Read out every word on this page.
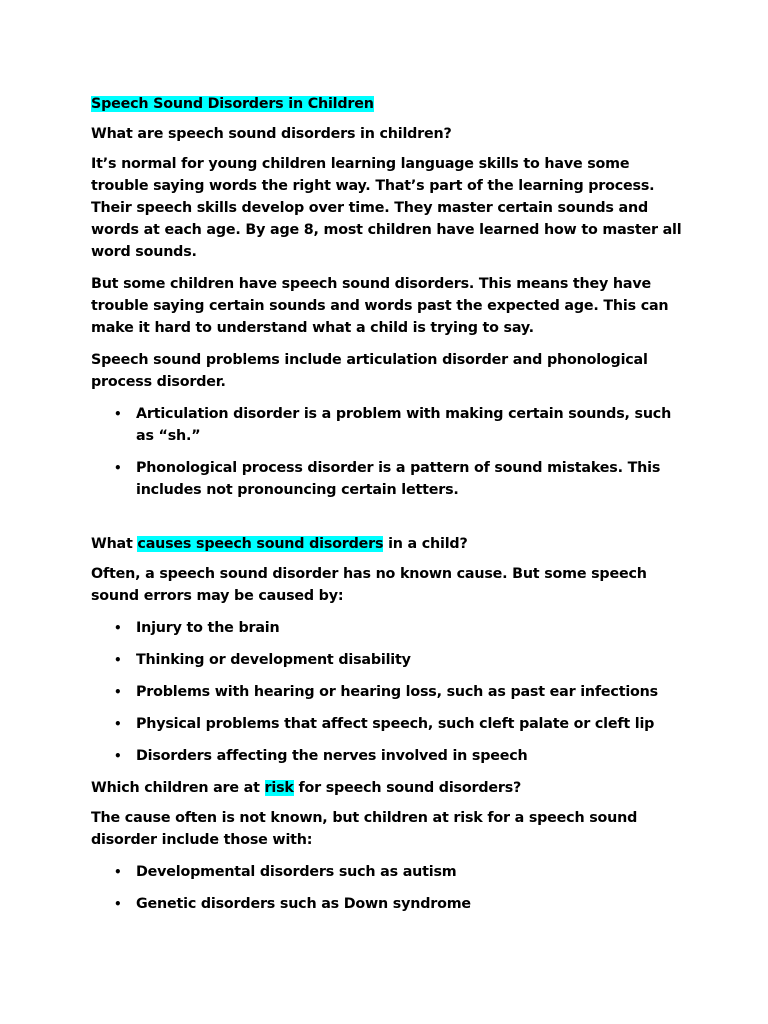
Speech Sound Disorders in Children
What are speech sound disorders in children?

It’s normal for young children learning language skills to have some trouble saying words the right way. That’s part of the learning process. Their speech skills develop over time. They master certain sounds and words at each age. By age 8, most children have learned how to master all word sounds.

But some children have speech sound disorders. This means they have trouble saying certain sounds and words past the expected age. This can make it hard to understand what a child is trying to say.

Speech sound problems include articulation disorder and phonological process disorder.

• Articulation disorder is a problem with making certain sounds, such as “sh.”
• Phonological process disorder is a pattern of sound mistakes. This includes not pronouncing certain letters.
What causes speech sound disorders in a child?

Often, a speech sound disorder has no known cause. But some speech sound errors may be caused by:

• Injury to the brain
• Thinking or development disability
• Problems with hearing or hearing loss, such as past ear infections
• Physical problems that affect speech, such cleft palate or cleft lip
• Disorders affecting the nerves involved in speech
Which children are at risk for speech sound disorders?

The cause often is not known, but children at risk for a speech sound disorder include those with:

• Developmental disorders such as autism
• Genetic disorders such as Down syndrome
